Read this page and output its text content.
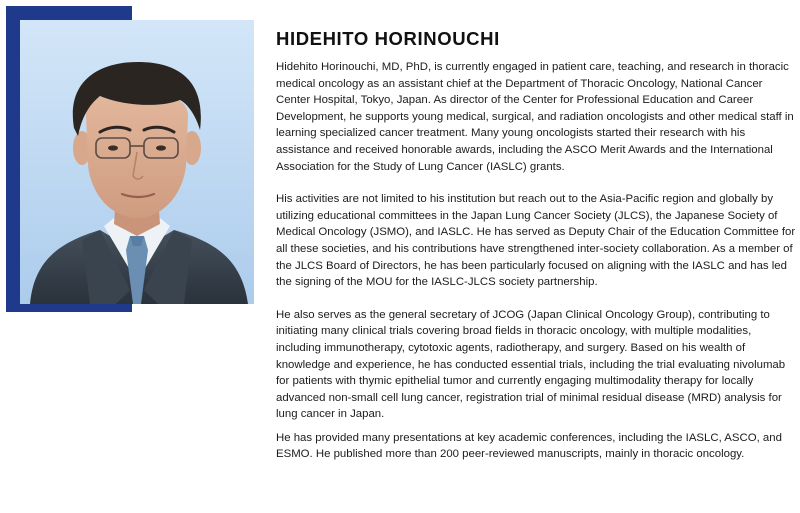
HIDEHITO HORINOUCHI

Hidehito Horinouchi, MD, PhD, is currently engaged in patient care, teaching, and research in thoracic medical oncology as an assistant chief at the Department of Thoracic Oncology, National Cancer Center Hospital, Tokyo, Japan. As director of the Center for Professional Education and Career Development, he supports young medical, surgical, and radiation oncologists and other medical staff in learning specialized cancer treatment. Many young oncologists started their research with his assistance and received honorable awards, including the ASCO Merit Awards and the International Association for the Study of Lung Cancer (IASLC) grants.

His activities are not limited to his institution but reach out to the Asia-Pacific region and globally by utilizing educational committees in the Japan Lung Cancer Society (JLCS), the Japanese Society of Medical Oncology (JSMO), and IASLC. He has served as Deputy Chair of the Education Committee for all these societies, and his contributions have strengthened inter-society collaboration. As a member of the JLCS Board of Directors, he has been particularly focused on aligning with the IASLC and has led the signing of the MOU for the IASLC-JLCS society partnership.

He also serves as the general secretary of JCOG (Japan Clinical Oncology Group), contributing to initiating many clinical trials covering broad fields in thoracic oncology, with multiple modalities, including immunotherapy, cytotoxic agents, radiotherapy, and surgery. Based on his wealth of knowledge and experience, he has conducted essential trials, including the trial evaluating nivolumab for patients with thymic epithelial tumor and currently engaging multimodality therapy for locally advanced non-small cell lung cancer, registration trial of minimal residual disease (MRD) analysis for lung cancer in Japan.

He has provided many presentations at key academic conferences, including the IASLC, ASCO, and ESMO. He published more than 200 peer-reviewed manuscripts, mainly in thoracic oncology.
